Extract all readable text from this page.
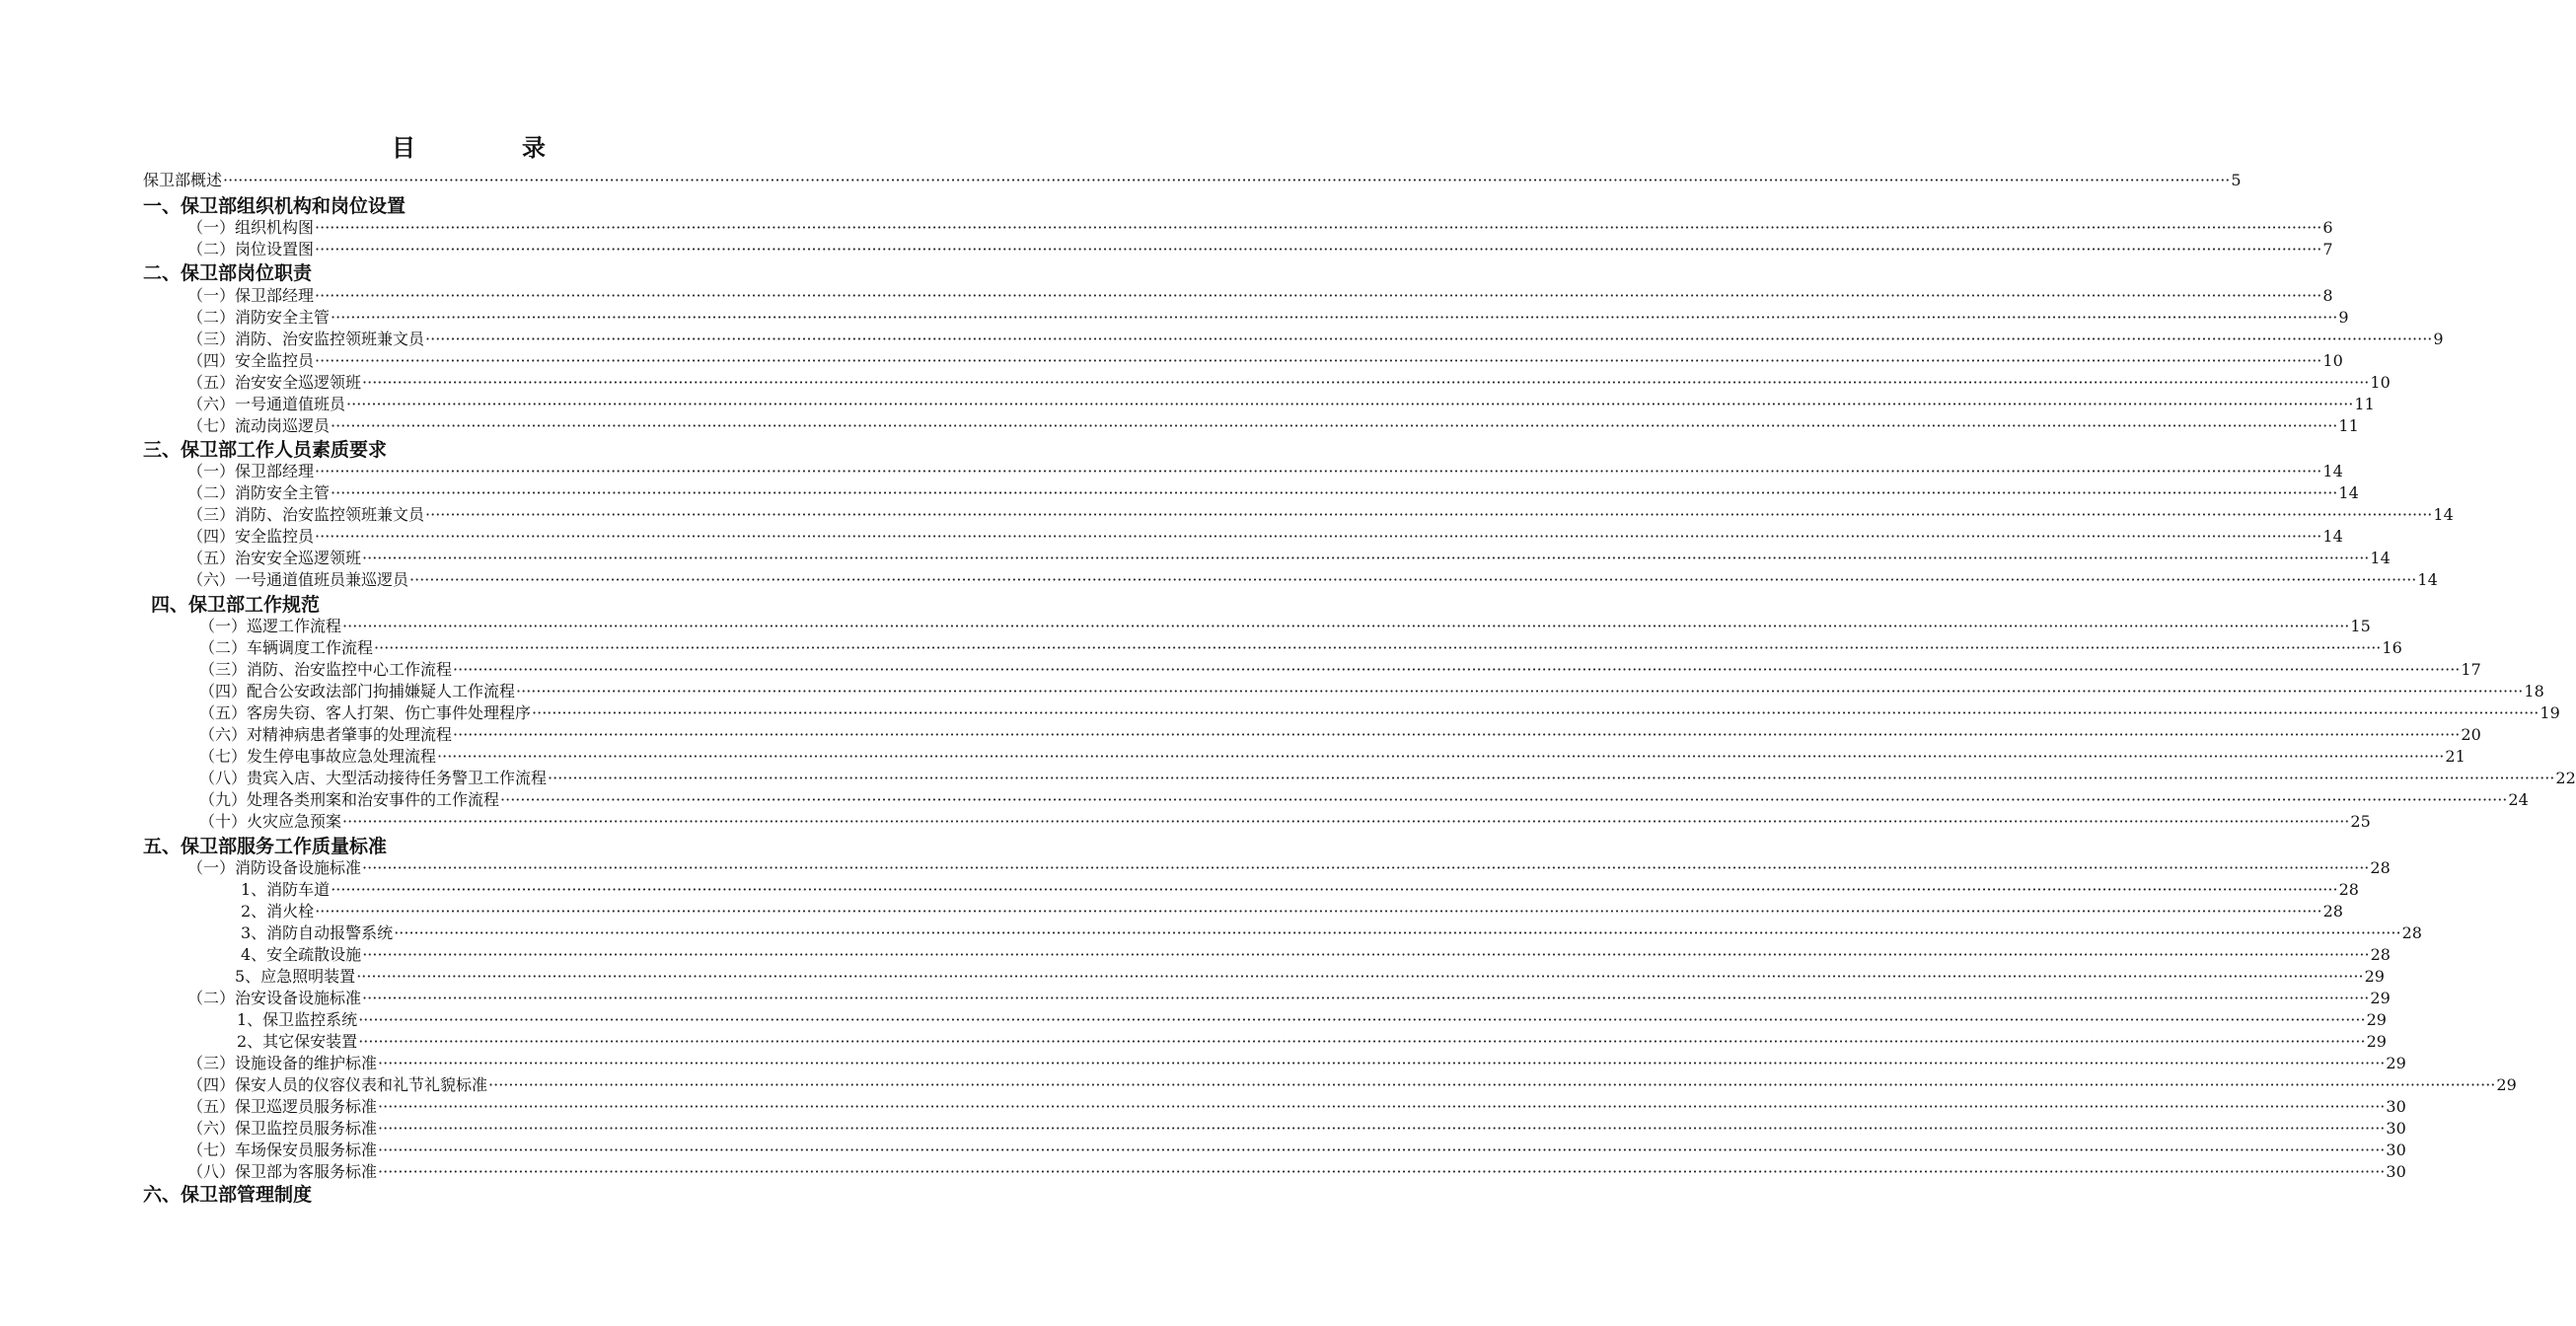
目　录
保卫部概述 ················································································································································································································································································································································································································ 5
一、保卫部组织机构和岗位设置
（一）组织机构图 ················································································································································································································································································································································································································ 6
（二）岗位设置图 ················································································································································································································································································································································································································ 7
二、保卫部岗位职责
（一）保卫部经理 ················································································································································································································································································································································································································ 8
（二）消防安全主管 ················································································································································································································································································································································································································ 9
（三）消防、治安监控领班兼文员 ················································································································································································································································································································································································································ 9
（四）安全监控员 ················································································································································································································································································································································································································ 10
（五）治安安全巡逻领班 ················································································································································································································································································································································································································ 10
（六）一号通道值班员 ················································································································································································································································································································································································································ 11
（七）流动岗巡逻员 ················································································································································································································································································································································································································ 11
三、保卫部工作人员素质要求
（一）保卫部经理 ················································································································································································································································································································································································································ 14
（二）消防安全主管 ················································································································································································································································································································································································································ 14
（三）消防、治安监控领班兼文员 ················································································································································································································································································································································································································ 14
（四）安全监控员 ················································································································································································································································································································································································································ 14
（五）治安安全巡逻领班 ················································································································································································································································································································································································································ 14
（六）一号通道值班员兼巡逻员 ················································································································································································································································································································································································································ 14
四、保卫部工作规范
（一）巡逻工作流程 ················································································································································································································································································································································································································ 15
（二）车辆调度工作流程 ················································································································································································································································································································································································································ 16
（三）消防、治安监控中心工作流程 ················································································································································································································································································································································································································ 17
（四）配合公安政法部门拘捕嫌疑人工作流程 ················································································································································································································································································································································································································ 18
（五）客房失窃、客人打架、伤亡事件处理程序 ················································································································································································································································································································································································································ 19
（六）对精神病患者肇事的处理流程 ················································································································································································································································································································································································································ 20
（七）发生停电事故应急处理流程 ················································································································································································································································································································································································································ 21
（八）贵宾入店、大型活动接待任务警卫工作流程 ················································································································································································································································································································································································································ 22
（九）处理各类刑案和治安事件的工作流程 ················································································································································································································································································································································································································ 24
（十）火灾应急预案 ················································································································································································································································································································································································································ 25
五、保卫部服务工作质量标准
（一）消防设备设施标准 ················································································································································································································································································································································································································ 28
1、消防车道 ················································································································································································································································································································································································································ 28
2、消火栓 ················································································································································································································································································································································································································ 28
3、消防自动报警系统 ················································································································································································································································································································································································································ 28
4、安全疏散设施 ················································································································································································································································································································································································································ 28
5、应急照明装置 ················································································································································································································································································································································································································ 29
（二）治安设备设施标准 ················································································································································································································································································································································································································ 29
1、保卫监控系统 ················································································································································································································································································································································································································ 29
2、其它保安装置 ················································································································································································································································································································································································································ 29
（三）设施设备的维护标准 ················································································································································································································································································································································································································ 29
（四）保安人员的仪容仪表和礼节礼貌标准 ················································································································································································································································································································································································································ 29
（五）保卫巡逻员服务标准 ················································································································································································································································································································································································································ 30
（六）保卫监控员服务标准 ················································································································································································································································································································································································································ 30
（七）车场保安员服务标准 ················································································································································································································································································································································································································ 30
（八）保卫部为客服务标准 ················································································································································································································································································································································································································ 30
六、保卫部管理制度
